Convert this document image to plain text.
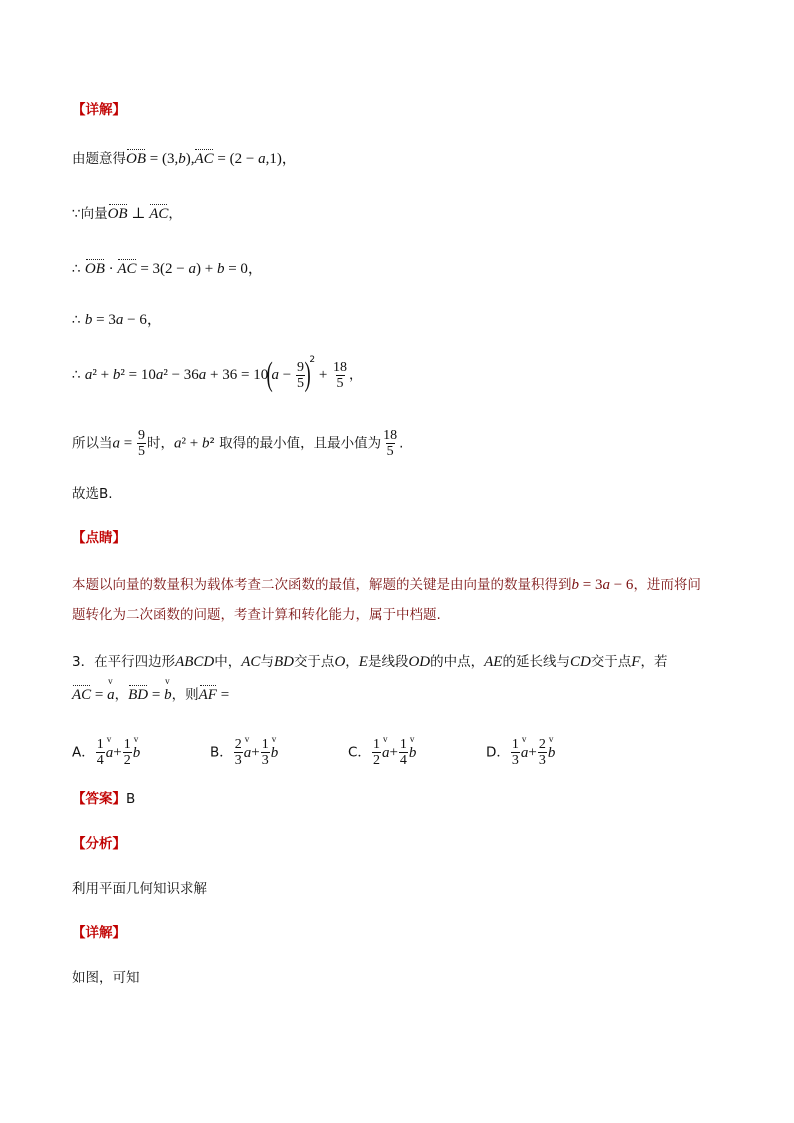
【详解】
由题意得OB = (3,b),AC = (2 − a,1)，
∵向量OB ⊥ AC，
∴ OB · AC = 3(2 − a) + b = 0，
∴ b = 3a − 6，
∴ $a^2 + b^2 = 10a^2 - 36a + 36 = 10(a - \frac{9}{5} )^2 + \frac{18}{5}$ ，
所以当$a = \frac{9}{5}$ 时，a² + b² 取得的最小值，且最小值为 $\frac{18}{5}$ .
故选B.
【点睛】
本题以向量的数量积为载体考查二次函数的最值，解题的关键是由向量的数量积得到b = 3a − 6，进而将问
题转化为二次函数的问题，考查计算和转化能力，属于中档题.
3．在平行四边形ABCD中，AC与BD交于点O，E是线段OD的中点，AE的延长线与CD交于点F，若
AC = v a，BD = v b，则AF =
A． $\frac{1}{4}$ v $a+ \frac{1}{2}$ v b	B． $\frac{2}{3}$ v $a+ \frac{1}{3}$ v b	C． $\frac{1}{2}$ v $a+ \frac{1}{4}$ v b	D． $\frac{1}{3}$ v $a+ \frac{2}{3}$ v b
【答案】B
【分析】
利用平面几何知识求解
【详解】
如图，可知
